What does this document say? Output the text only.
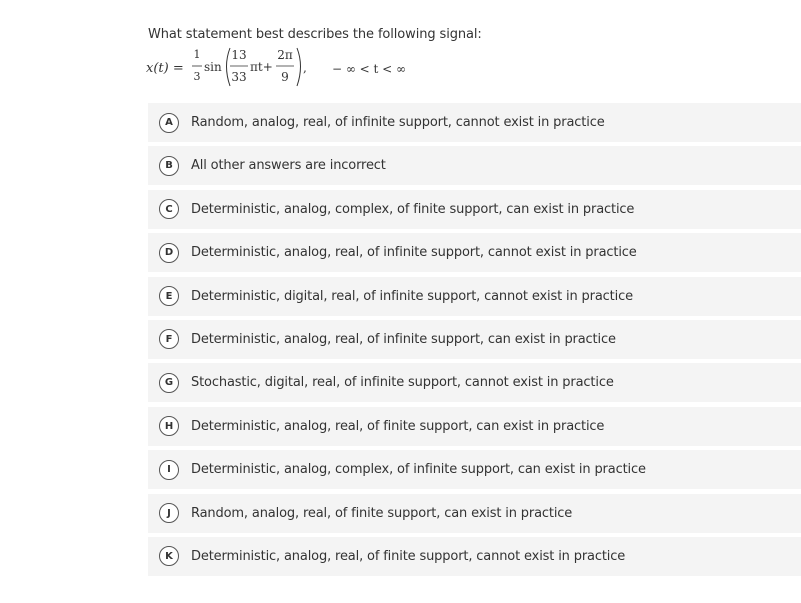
What statement best describes the following signal:
x(t) =
1
3
sin
13
33
πt+
2π
9
, − ∞ < t < ∞
A	Random, analog, real, of infinite support, cannot exist in practice
B	All other answers are incorrect
C	Deterministic, analog, complex, of finite support, can exist in practice
D	Deterministic, analog, real, of infinite support, cannot exist in practice
E	Deterministic, digital, real, of infinite support, cannot exist in practice
F	Deterministic, analog, real, of infinite support, can exist in practice
G	Stochastic, digital, real, of infinite support, cannot exist in practice
H	Deterministic, analog, real, of finite support, can exist in practice
I	Deterministic, analog, complex, of infinite support, can exist in practice
J	Random, analog, real, of finite support, can exist in practice
K	Deterministic, analog, real, of finite support, cannot exist in practice
